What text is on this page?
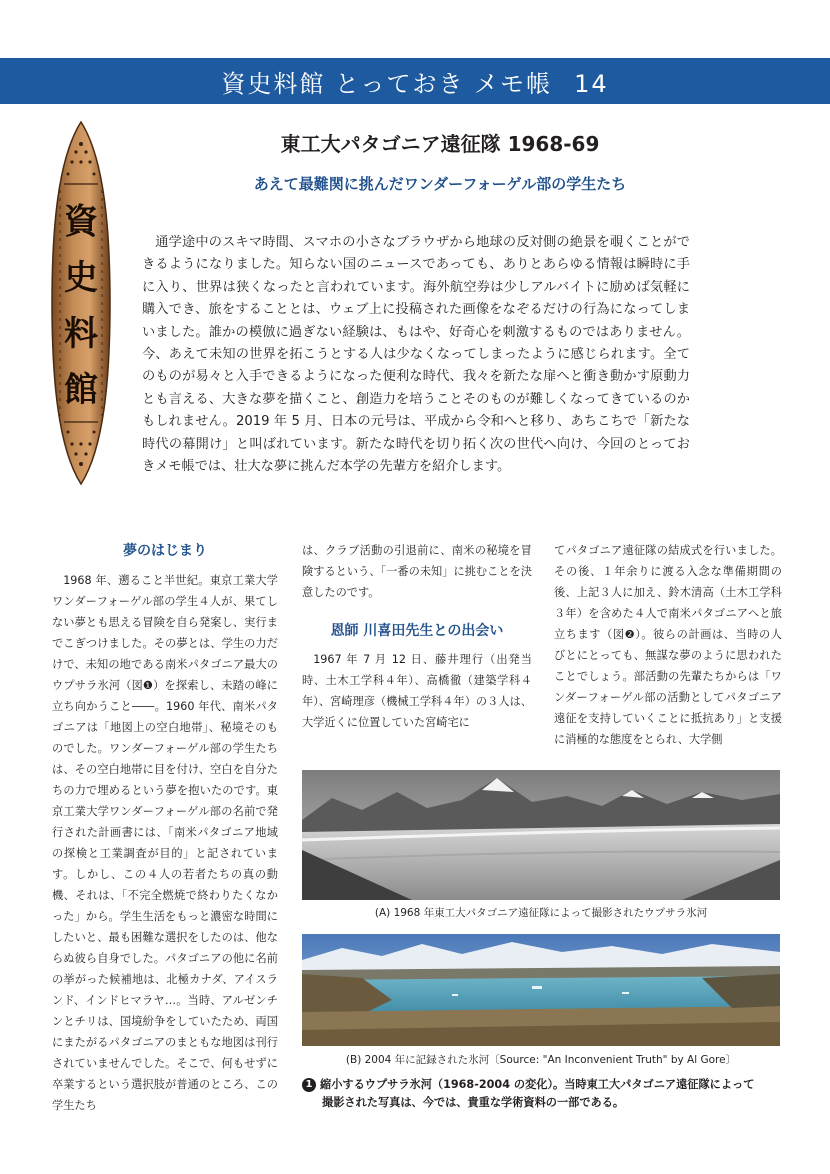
資史料館 とっておき メモ帳 14
資
史
料
館
東工大パタゴニア遠征隊 1968-69
あえて最難関に挑んだワンダーフォーゲル部の学生たち

通学途中のスキマ時間、スマホの小さなブラウザから地球の反対側の絶景を覗くことができるようになりました。知らない国のニュースであっても、ありとあらゆる情報は瞬時に手に入り、世界は狭くなったと言われています。海外航空券は少しアルバイトに励めば気軽に購入でき、旅をすることとは、ウェブ上に投稿された画像をなぞるだけの行為になってしまいました。誰かの模倣に過ぎない経験は、もはや、好奇心を刺激するものではありません。今、あえて未知の世界を拓こうとする人は少なくなってしまったように感じられます。全てのものが易々と入手できるようになった便利な時代、我々を新たな扉へと衝き動かす原動力とも言える、大きな夢を描くこと、創造力を培うことそのものが難しくなってきているのかもしれません。2019 年 5 月、日本の元号は、平成から令和へと移り、あちこちで「新たな時代の幕開け」と叫ばれています。新たな時代を切り拓く次の世代へ向け、今回のとっておきメモ帳では、壮大な夢に挑んだ本学の先輩方を紹介します。

夢のはじまり

1968 年、遡ること半世紀。東京工業大学ワンダーフォーゲル部の学生４人が、果てしない夢とも思える冒険を自ら発案し、実行までこぎつけました。その夢とは、学生の力だけで、未知の地である南米パタゴニア最大のウプサラ氷河（図❶）を探索し、未踏の峰に立ち向かうこと――。1960 年代、南米パタゴニアは「地図上の空白地帯」、秘境そのものでした。ワンダーフォーゲル部の学生たちは、その空白地帯に目を付け、空白を自分たちの力で埋めるという夢を抱いたのです。東京工業大学ワンダーフォーゲル部の名前で発行された計画書には、「南米パタゴニア地域の探検と工業調査が目的」と記されています。しかし、この４人の若者たちの真の動機、それは、「不完全燃焼で終わりたくなかった」から。学生生活をもっと濃密な時間にしたいと、最も困難な選択をしたのは、他ならぬ彼ら自身でした。パタゴニアの他に名前の挙がった候補地は、北極カナダ、アイスランド、インドヒマラヤ…。当時、アルゼンチンとチリは、国境紛争をしていたため、両国にまたがるパタゴニアのまともな地図は刊行されていませんでした。そこで、何もせずに卒業するという選択肢が普通のところ、この学生たち

は、クラブ活動の引退前に、南米の秘境を冒険するという、「一番の未知」に挑むことを決意したのです。

恩師 川喜田先生との出会い

1967 年 7 月 12 日、藤井理行（出発当時、土木工学科４年）、高橋徹（建築学科４年）、宮崎理彦（機械工学科４年）の３人は、大学近くに位置していた宮崎宅に

てパタゴニア遠征隊の結成式を行いました。その後、１年余りに渡る入念な準備期間の後、上記３人に加え、鈴木清高（土木工学科３年）を含めた４人で南米パタゴニアへと旅立ちます（図❷）。彼らの計画は、当時の人びとにとっても、無謀な夢のように思われたことでしょう。部活動の先輩たちからは「ワンダーフォーゲル部の活動としてパタゴニア遠征を支持していくことに抵抗あり」と支援に消極的な態度をとられ、大学側

(A) 1968 年東工大パタゴニア遠征隊によって撮影されたウプサラ氷河
(B) 2004 年に記録された氷河〔Source: "An Inconvenient Truth" by Al Gore〕
1 縮小するウプサラ氷河（1968-2004 の変化）。当時東工大パタゴニア遠征隊によって
撮影された写真は、今では、貴重な学術資料の一部である。
